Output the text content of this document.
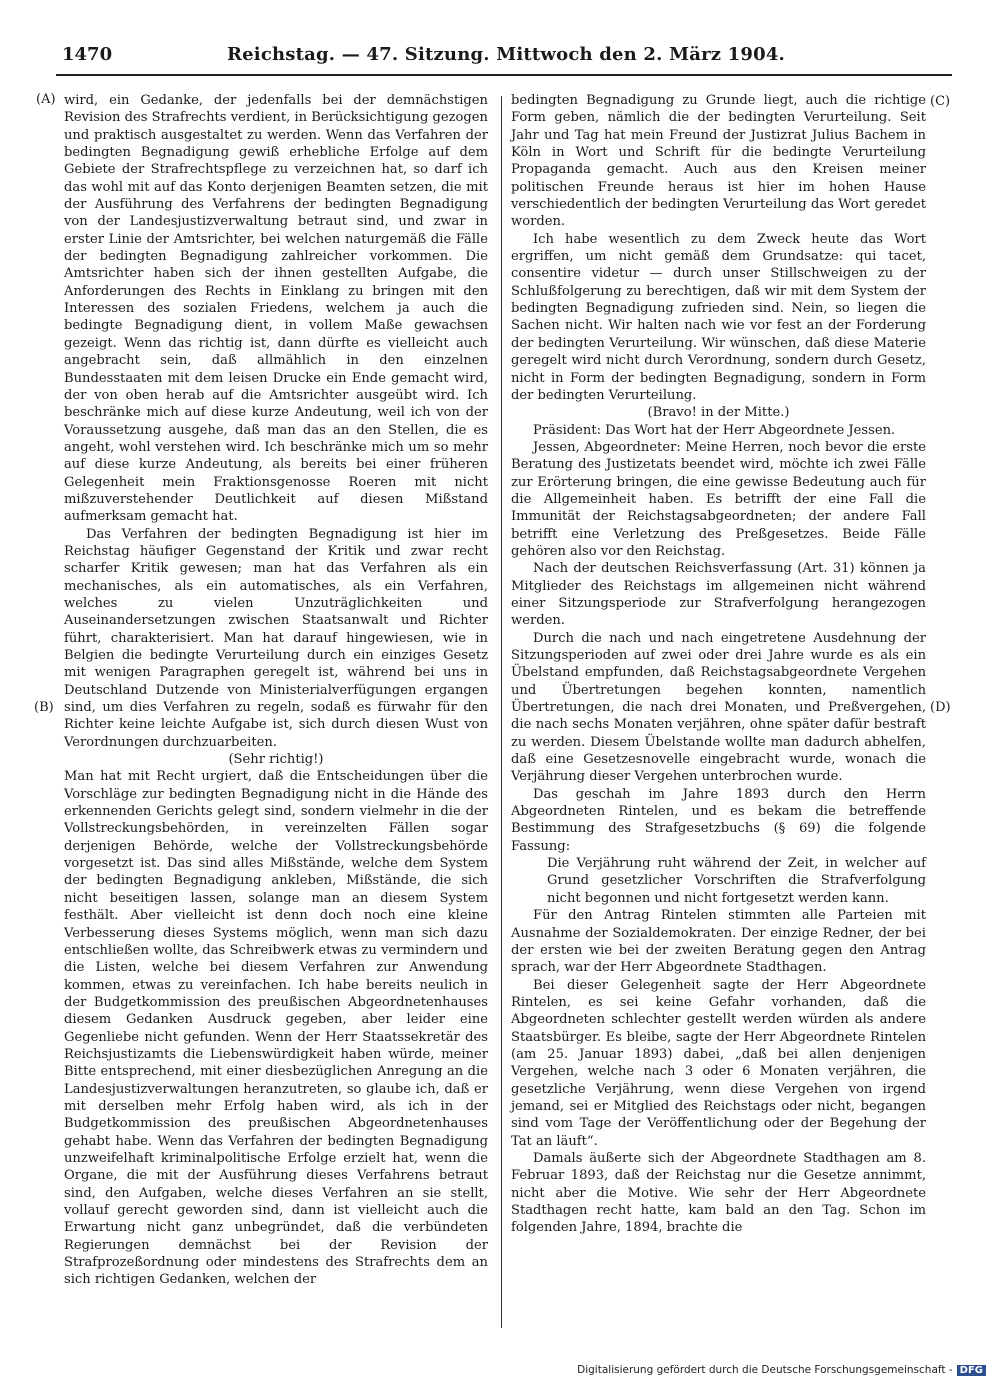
1470	Reichstag. — 47. Sitzung. Mittwoch den 2. März 1904.
(A)
(B)
(C)
(D)

wird, ein Gedanke, der jedenfalls bei der demnächstigen Revision des Strafrechts verdient, in Berücksichtigung gezogen und praktisch ausgestaltet zu werden. Wenn das Verfahren der bedingten Begnadigung gewiß erhebliche Erfolge auf dem Gebiete der Strafrechtspflege zu verzeichnen hat, so darf ich das wohl mit auf das Konto derjenigen Beamten setzen, die mit der Ausführung des Verfahrens der bedingten Begnadigung von der Landesjustizverwaltung betraut sind, und zwar in erster Linie der Amtsrichter, bei welchen naturgemäß die Fälle der bedingten Begnadigung zahlreicher vorkommen. Die Amtsrichter haben sich der ihnen gestellten Aufgabe, die Anforderungen des Rechts in Einklang zu bringen mit den Interessen des sozialen Friedens, welchem ja auch die bedingte Begnadigung dient, in vollem Maße gewachsen gezeigt. Wenn das richtig ist, dann dürfte es vielleicht auch angebracht sein, daß allmählich in den einzelnen Bundesstaaten mit dem leisen Drucke ein Ende gemacht wird, der von oben herab auf die Amtsrichter ausgeübt wird. Ich beschränke mich auf diese kurze Andeutung, weil ich von der Voraussetzung ausgehe, daß man das an den Stellen, die es angeht, wohl verstehen wird. Ich beschränke mich um so mehr auf diese kurze Andeutung, als bereits bei einer früheren Gelegenheit mein Fraktionsgenosse Roeren mit nicht mißzuverstehender Deutlichkeit auf diesen Mißstand aufmerksam gemacht hat.

Das Verfahren der bedingten Begnadigung ist hier im Reichstag häufiger Gegenstand der Kritik und zwar recht scharfer Kritik gewesen; man hat das Verfahren als ein mechanisches, als ein automatisches, als ein Verfahren, welches zu vielen Unzuträglichkeiten und Auseinandersetzungen zwischen Staatsanwalt und Richter führt, charakterisiert. Man hat darauf hingewiesen, wie in Belgien die bedingte Verurteilung durch ein einziges Gesetz mit wenigen Paragraphen geregelt ist, während bei uns in Deutschland Dutzende von Ministerialverfügungen ergangen sind, um dies Verfahren zu regeln, sodaß es fürwahr für den Richter keine leichte Aufgabe ist, sich durch diesen Wust von Verordnungen durchzuarbeiten.

(Sehr richtig!)

Man hat mit Recht urgiert, daß die Entscheidungen über die Vorschläge zur bedingten Begnadigung nicht in die Hände des erkennenden Gerichts gelegt sind, sondern vielmehr in die der Vollstreckungsbehörden, in vereinzelten Fällen sogar derjenigen Behörde, welche der Vollstreckungsbehörde vorgesetzt ist. Das sind alles Mißstände, welche dem System der bedingten Begnadigung ankleben, Mißstände, die sich nicht beseitigen lassen, solange man an diesem System festhält. Aber vielleicht ist denn doch noch eine kleine Verbesserung dieses Systems möglich, wenn man sich dazu entschließen wollte, das Schreibwerk etwas zu vermindern und die Listen, welche bei diesem Verfahren zur Anwendung kommen, etwas zu vereinfachen. Ich habe bereits neulich in der Budgetkommission des preußischen Abgeordnetenhauses diesem Gedanken Ausdruck gegeben, aber leider eine Gegenliebe nicht gefunden. Wenn der Herr Staatssekretär des Reichsjustizamts die Liebenswürdigkeit haben würde, meiner Bitte entsprechend, mit einer diesbezüglichen Anregung an die Landesjustizverwaltungen heranzutreten, so glaube ich, daß er mit derselben mehr Erfolg haben wird, als ich in der Budgetkommission des preußischen Abgeordnetenhauses gehabt habe. Wenn das Verfahren der bedingten Begnadigung unzweifelhaft kriminalpolitische Erfolge erzielt hat, wenn die Organe, die mit der Ausführung dieses Verfahrens betraut sind, den Aufgaben, welche dieses Verfahren an sie stellt, vollauf gerecht geworden sind, dann ist vielleicht auch die Erwartung nicht ganz unbegründet, daß die verbündeten Regierungen demnächst bei der Revision der Strafprozeßordnung oder mindestens des Strafrechts dem an sich richtigen Gedanken, welchen der

bedingten Begnadigung zu Grunde liegt, auch die richtige Form geben, nämlich die der bedingten Verurteilung. Seit Jahr und Tag hat mein Freund der Justizrat Julius Bachem in Köln in Wort und Schrift für die bedingte Verurteilung Propaganda gemacht. Auch aus den Kreisen meiner politischen Freunde heraus ist hier im hohen Hause verschiedentlich der bedingten Verurteilung das Wort geredet worden.

Ich habe wesentlich zu dem Zweck heute das Wort ergriffen, um nicht gemäß dem Grundsatze: qui tacet, consentire videtur — durch unser Stillschweigen zu der Schlußfolgerung zu berechtigen, daß wir mit dem System der bedingten Begnadigung zufrieden sind. Nein, so liegen die Sachen nicht. Wir halten nach wie vor fest an der Forderung der bedingten Verurteilung. Wir wünschen, daß diese Materie geregelt wird nicht durch Verordnung, sondern durch Gesetz, nicht in Form der bedingten Begnadigung, sondern in Form der bedingten Verurteilung.

(Bravo! in der Mitte.)

Präsident: Das Wort hat der Herr Abgeordnete Jessen.

Jessen, Abgeordneter: Meine Herren, noch bevor die erste Beratung des Justizetats beendet wird, möchte ich zwei Fälle zur Erörterung bringen, die eine gewisse Bedeutung auch für die Allgemeinheit haben. Es betrifft der eine Fall die Immunität der Reichstagsabgeordneten; der andere Fall betrifft eine Verletzung des Preßgesetzes. Beide Fälle gehören also vor den Reichstag.

Nach der deutschen Reichsverfassung (Art. 31) können ja Mitglieder des Reichstags im allgemeinen nicht während einer Sitzungsperiode zur Strafverfolgung herangezogen werden.

Durch die nach und nach eingetretene Ausdehnung der Sitzungsperioden auf zwei oder drei Jahre wurde es als ein Übelstand empfunden, daß Reichstagsabgeordnete Vergehen und Übertretungen begehen konnten, namentlich Übertretungen, die nach drei Monaten, und Preßvergehen, die nach sechs Monaten verjähren, ohne später dafür bestraft zu werden. Diesem Übelstande wollte man dadurch abhelfen, daß eine Gesetzesnovelle eingebracht wurde, wonach die Verjährung dieser Vergehen unterbrochen wurde.

Das geschah im Jahre 1893 durch den Herrn Abgeordneten Rintelen, und es bekam die betreffende Bestimmung des Strafgesetzbuchs (§ 69) die folgende Fassung:

Die Verjährung ruht während der Zeit, in welcher auf Grund gesetzlicher Vorschriften die Strafverfolgung nicht begonnen und nicht fortgesetzt werden kann.

Für den Antrag Rintelen stimmten alle Parteien mit Ausnahme der Sozialdemokraten. Der einzige Redner, der bei der ersten wie bei der zweiten Beratung gegen den Antrag sprach, war der Herr Abgeordnete Stadthagen.

Bei dieser Gelegenheit sagte der Herr Abgeordnete Rintelen, es sei keine Gefahr vorhanden, daß die Abgeordneten schlechter gestellt werden würden als andere Staatsbürger. Es bleibe, sagte der Herr Abgeordnete Rintelen (am 25. Januar 1893) dabei, „daß bei allen denjenigen Vergehen, welche nach 3 oder 6 Monaten verjähren, die gesetzliche Verjährung, wenn diese Vergehen von irgend jemand, sei er Mitglied des Reichstags oder nicht, begangen sind vom Tage der Veröffentlichung oder der Begehung der Tat an läuft“.

Damals äußerte sich der Abgeordnete Stadthagen am 8. Februar 1893, daß der Reichstag nur die Gesetze annimmt, nicht aber die Motive. Wie sehr der Herr Abgeordnete Stadthagen recht hatte, kam bald an den Tag. Schon im folgenden Jahre, 1894, brachte die

Digitalisierung gefördert durch die Deutsche Forschungsgemeinschaft - DFG
